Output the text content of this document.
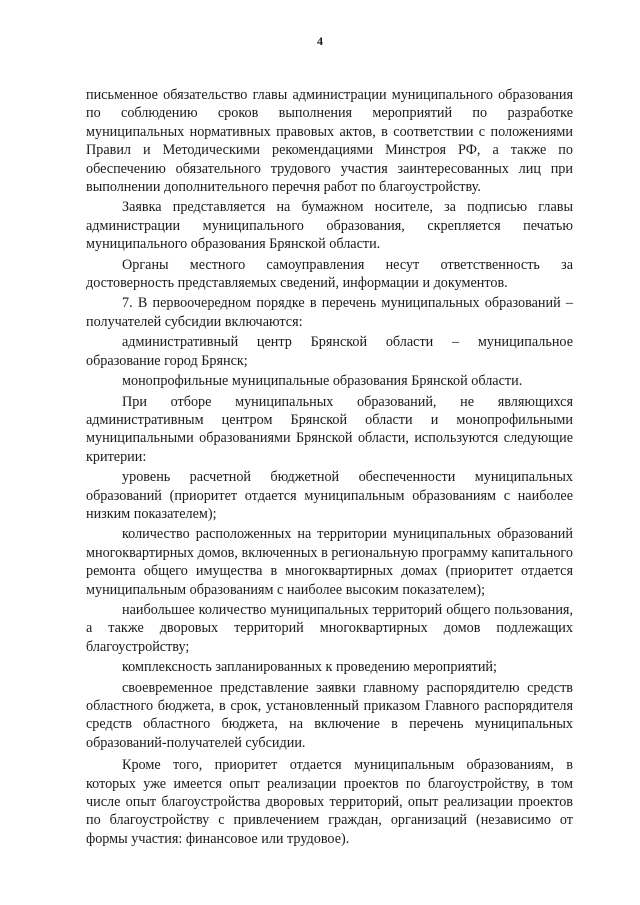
4

письменное обязательство главы администрации муниципального образования по соблюдению сроков выполнения мероприятий по разработке муниципальных нормативных правовых актов, в соответствии с положениями Правил и Методическими рекомендациями Минстроя РФ, а также по обеспечению обязательного трудового участия заинтересованных лиц при выполнении дополнительного перечня работ по благоустройству.

Заявка представляется на бумажном носителе, за подписью главы администрации муниципального образования, скрепляется печатью муниципального образования Брянской области.

Органы местного самоуправления несут ответственность за достоверность представляемых сведений, информации и документов.

7. В первоочередном порядке в перечень муниципальных образований – получателей субсидии включаются:

административный центр Брянской области – муниципальное образование город Брянск;

монопрофильные муниципальные образования Брянской области.

При отборе муниципальных образований, не являющихся административным центром Брянской области и монопрофильными муниципальными образованиями Брянской области, используются следующие критерии:

уровень расчетной бюджетной обеспеченности муниципальных образований (приоритет отдается муниципальным образованиям с наиболее низким показателем);

количество расположенных на территории муниципальных образований многоквартирных домов, включенных в региональную программу капитального ремонта общего имущества в многоквартирных домах (приоритет отдается муниципальным образованиям с наиболее высоким показателем);

наибольшее количество муниципальных территорий общего пользования, а также дворовых территорий многоквартирных домов подлежащих благоустройству;

комплексность запланированных к проведению мероприятий;

своевременное представление заявки главному распорядителю средств областного бюджета, в срок, установленный приказом Главного распорядителя средств областного бюджета, на включение в перечень муниципальных образований-получателей субсидии.

Кроме того, приоритет отдается муниципальным образованиям, в которых уже имеется опыт реализации проектов по благоустройству, в том числе опыт благоустройства дворовых территорий, опыт реализации проектов по благоустройству с привлечением граждан, организаций (независимо от формы участия: финансовое или трудовое).
